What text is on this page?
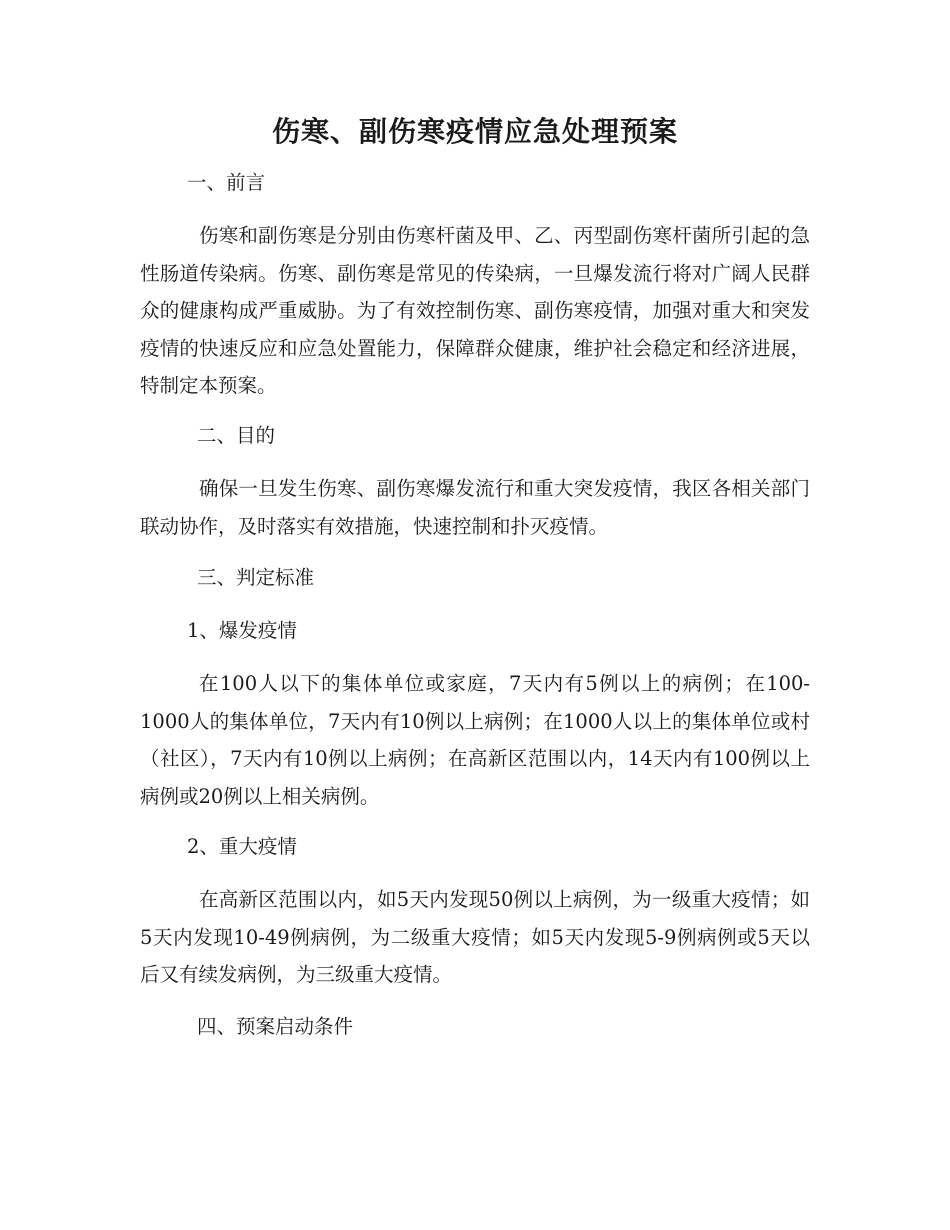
伤寒、副伤寒疫情应急处理预案

一、前言

伤寒和副伤寒是分别由伤寒杆菌及甲、乙、丙型副伤寒杆菌所引起的急性肠道传染病。伤寒、副伤寒是常见的传染病，一旦爆发流行将对广阔人民群众的健康构成严重威胁。为了有效控制伤寒、副伤寒疫情，加强对重大和突发疫情的快速反应和应急处置能力，保障群众健康，维护社会稳定和经济进展，特制定本预案。

二、目的

确保一旦发生伤寒、副伤寒爆发流行和重大突发疫情，我区各相关部门联动协作，及时落实有效措施，快速控制和扑灭疫情。

三、判定标准

1、爆发疫情

在100人以下的集体单位或家庭，7天内有5例以上的病例；在100-1000人的集体单位，7天内有10例以上病例；在1000人以上的集体单位或村（社区），7天内有10例以上病例；在高新区范围以内，14天内有100例以上病例或20例以上相关病例。

2、重大疫情

在高新区范围以内，如5天内发现50例以上病例，为一级重大疫情；如5天内发现10-49例病例，为二级重大疫情；如5天内发现5-9例病例或5天以后又有续发病例，为三级重大疫情。

四、预案启动条件
